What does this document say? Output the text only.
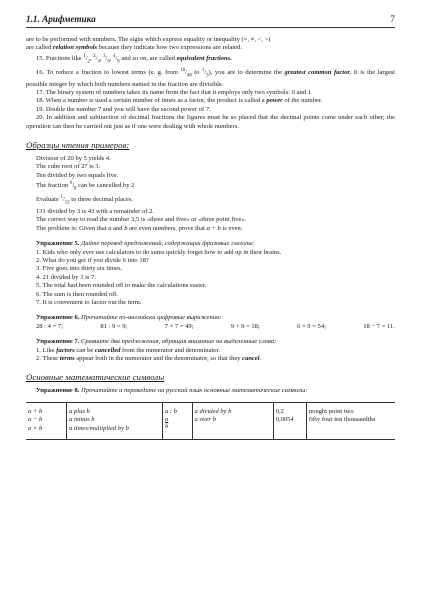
1.1. Арифметика	7

are to be performed with numbers. The signs which express equality or inequality (=, ≠, <, >)
are called relation symbols because they indicate how two expressions are related.

15. Fractions like $^1/_2$, $^2/_4$, $^3/_6$, $^4/_8$ and so on, are called equivalent fractions.

16. To reduce a fraction to lowest terms (e. g. from $^{16}/_{48}$ to $^1/_3$), you are to determine the greatest common factor. It is the largest possible integer by which both numbers named in the fraction are divisible.

17. The binary system of numbers takes its name from the fact that it employs only two symbols: 0 and 1.

18. When a number is used a certain number of times as a factor, the product is called a power of the number.

19. Double the number 7 and you will have the second power of 7.

20. In addition and subtraction of decimal fractions the figures must be so placed that the decimal points come under each other; the operation can then be carried out just as if one were dealing with whole numbers.

Образцы чтения примеров:

Division of 20 by 5 yields 4.

The cube root of 27 is 3.

Ten divided by two equals five.

The fraction $^6/_8$ can be cancelled by 2

Evaluate $^1/_{12}$ to three decimal places.

131 divided by 3 is 43 with a remainder of 2.

The correct way to read the number 3,5 is «three and five» or «three point five».

The problem is: Given that a and b are even numbers, prove that a + b is even.

Упражнение 5. Дайте перевод предложений, содержащих фразовые глаголы:

1. Kids who only ever use calculators to do sums quickly forget how to add up in their brains.

2. What do you get if you divide 6 into 18?

3. Five goes into thirty six times.

4. 21 divided by 3 is 7.

5. The total had been rounded off to make the calculations easier.

6. The sum is then rounded off.

7. It is convenient to factor out the term.

Упражнение 6. Прочитайте по-английски цифровые выражения:

28 : 4 = 7;	81 : 9 = 9;	7 × 7 = 49;	9 + 9 = 18;	6 × 9 = 54;	18 − 7 = 11.

Упражнение 7. Сравните два предложения, обращая внимание на выделенные слова:

1. Like factors can be cancelled from the numerator and denominator.

2. These terms appear both in the numerator and the denominator, so that they cancel.

Основные математические символы

Упражнение 8. Прочитайте и переведите на русский язык основные математические символы:

a + b
a − b
a × b	a plus b
a minus b
a times/multiplied by b	a : b
$\frac{a}{b}$	a divided by b
a over b	0,2
0,0054	nought point two
fifty four ten thousandths
